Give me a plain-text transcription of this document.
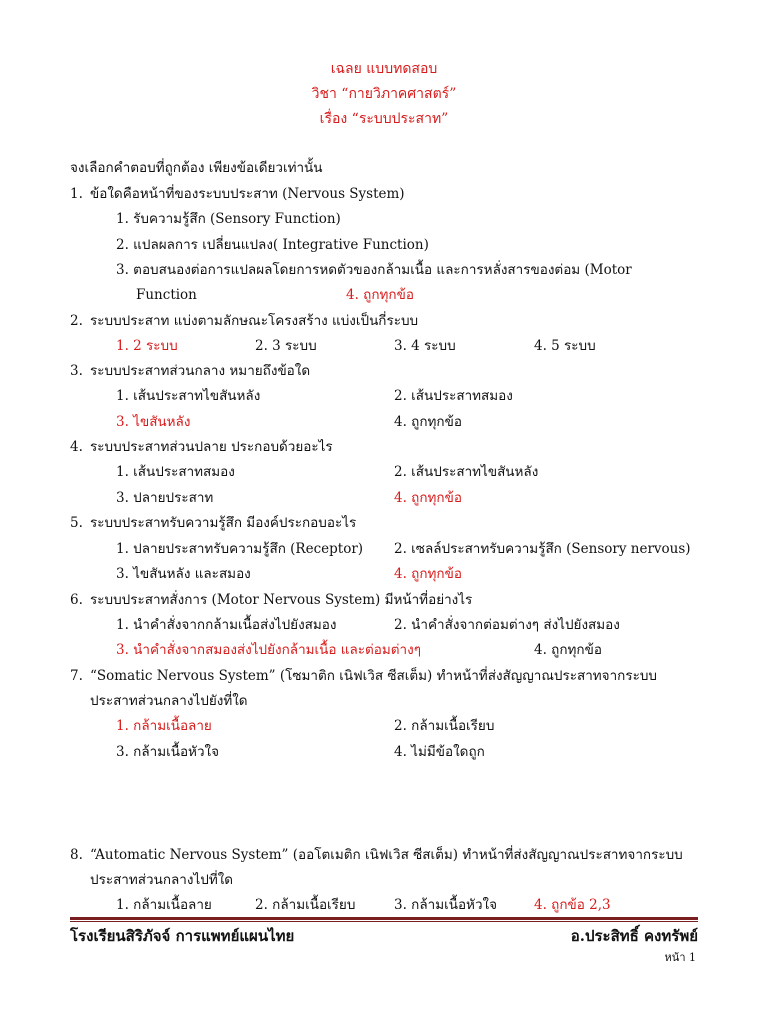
เฉลย แบบทดสอบ
วิชา “กายวิภาคศาสตร์”
เรื่อง “ระบบประสาท”
จงเลือกคำตอบที่ถูกต้อง เพียงข้อเดียวเท่านั้น
1. ข้อใดคือหน้าที่ของระบบประสาท (Nervous System)
1. รับความรู้สึก (Sensory Function)
2. แปลผลการ เปลี่ยนแปลง( Integrative Function)
3. ตอบสนองต่อการแปลผลโดยการหดตัวของกล้ามเนื้อ และการหลั่งสารของต่อม (Motor
Function	4. ถูกทุกข้อ
2. ระบบประสาท แบ่งตามลักษณะโครงสร้าง แบ่งเป็นกี่ระบบ
1. 2 ระบบ	2. 3 ระบบ	3. 4 ระบบ	4. 5 ระบบ
3. ระบบประสาทส่วนกลาง หมายถึงข้อใด
1. เส้นประสาทไขสันหลัง	2. เส้นประสาทสมอง
3. ไขสันหลัง	4. ถูกทุกข้อ
4. ระบบประสาทส่วนปลาย ประกอบด้วยอะไร
1. เส้นประสาทสมอง	2. เส้นประสาทไขสันหลัง
3. ปลายประสาท	4. ถูกทุกข้อ
5. ระบบประสาทรับความรู้สึก มีองค์ประกอบอะไร
1. ปลายประสาทรับความรู้สึก (Receptor) 2. เซลล์ประสาทรับความรู้สึก (Sensory nervous)
3. ไขสันหลัง และสมอง	4. ถูกทุกข้อ
6. ระบบประสาทสั่งการ (Motor Nervous System) มีหน้าที่อย่างไร
1. นำคำสั่งจากกล้ามเนื้อส่งไปยังสมอง	2. นำคำสั่งจากต่อมต่างๆ ส่งไปยังสมอง
3. นำคำสั่งจากสมองส่งไปยังกล้ามเนื้อ และต่อมต่างๆ	4. ถูกทุกข้อ
7. “Somatic Nervous System” (โซมาติก เนิฟเวิส ซีสเต็ม) ทำหน้าที่ส่งสัญญาณประสาทจากระบบ
ประสาทส่วนกลางไปยังที่ใด
1. กล้ามเนื้อลาย	2. กล้ามเนื้อเรียบ
3. กล้ามเนื้อหัวใจ	4. ไม่มีข้อใดถูก
8. “Automatic Nervous System” (ออโตเมติก เนิฟเวิส ซีสเต็ม) ทำหน้าที่ส่งสัญญาณประสาทจากระบบ
ประสาทส่วนกลางไปที่ใด
1. กล้ามเนื้อลาย	2. กล้ามเนื้อเรียบ	3. กล้ามเนื้อหัวใจ	4. ถูกข้อ 2,3
โรงเรียนสิริภัจจ์ การแพทย์แผนไทย	อ.ประสิทธิ์ คงทรัพย์
หน้า 1
